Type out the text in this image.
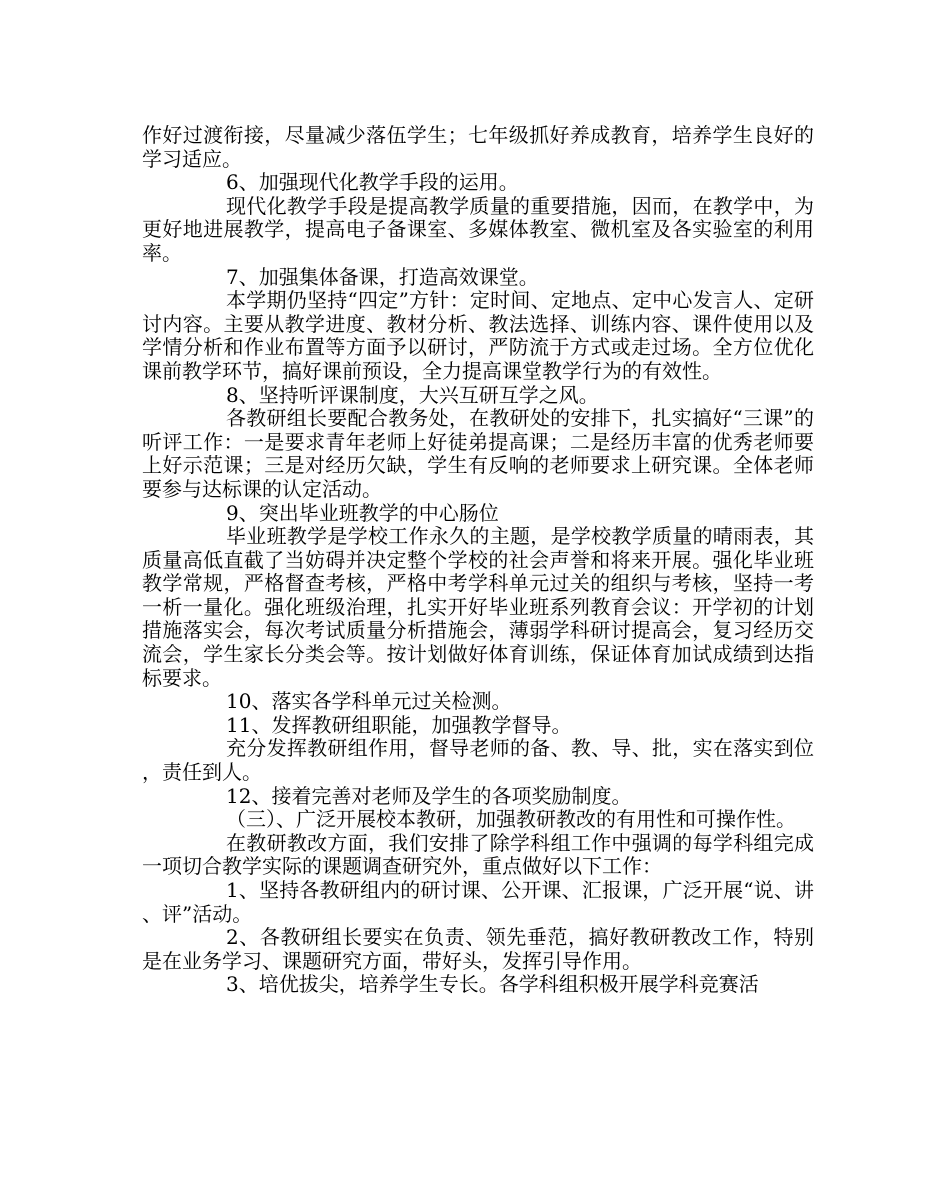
作好过渡衔接，尽量减少落伍学生；七年级抓好养成教育，培养学生良好的学习适应。

6、加强现代化教学手段的运用。

现代化教学手段是提高教学质量的重要措施，因而，在教学中，为更好地进展教学，提高电子备课室、多媒体教室、微机室及各实验室的利用率。

7、加强集体备课，打造高效课堂。

本学期仍坚持“四定”方针：定时间、定地点、定中心发言人、定研讨内容。主要从教学进度、教材分析、教法选择、训练内容、课件使用以及学情分析和作业布置等方面予以研讨，严防流于方式或走过场。全方位优化课前教学环节，搞好课前预设，全力提高课堂教学行为的有效性。

8、坚持听评课制度，大兴互研互学之风。

各教研组长要配合教务处，在教研处的安排下，扎实搞好“三课”的听评工作：一是要求青年老师上好徒弟提高课；二是经历丰富的优秀老师要上好示范课；三是对经历欠缺，学生有反响的老师要求上研究课。全体老师要参与达标课的认定活动。

9、突出毕业班教学的中心肠位

毕业班教学是学校工作永久的主题，是学校教学质量的晴雨表，其质量高低直截了当妨碍并决定整个学校的社会声誉和将来开展。强化毕业班教学常规，严格督查考核，严格中考学科单元过关的组织与考核，坚持一考一析一量化。强化班级治理，扎实开好毕业班系列教育会议：开学初的计划措施落实会，每次考试质量分析措施会，薄弱学科研讨提高会，复习经历交流会，学生家长分类会等。按计划做好体育训练，保证体育加试成绩到达指标要求。

10、落实各学科单元过关检测。

11、发挥教研组职能，加强教学督导。

充分发挥教研组作用，督导老师的备、教、导、批，实在落实到位，责任到人。

12、接着完善对老师及学生的各项奖励制度。

（三）、广泛开展校本教研，加强教研教改的有用性和可操作性。

在教研教改方面，我们安排了除学科组工作中强调的每学科组完成一项切合教学实际的课题调查研究外，重点做好以下工作：

1、坚持各教研组内的研讨课、公开课、汇报课，广泛开展“说、讲、评”活动。

2、各教研组长要实在负责、领先垂范，搞好教研教改工作，特别是在业务学习、课题研究方面，带好头，发挥引导作用。

3、培优拔尖，培养学生专长。各学科组积极开展学科竞赛活
